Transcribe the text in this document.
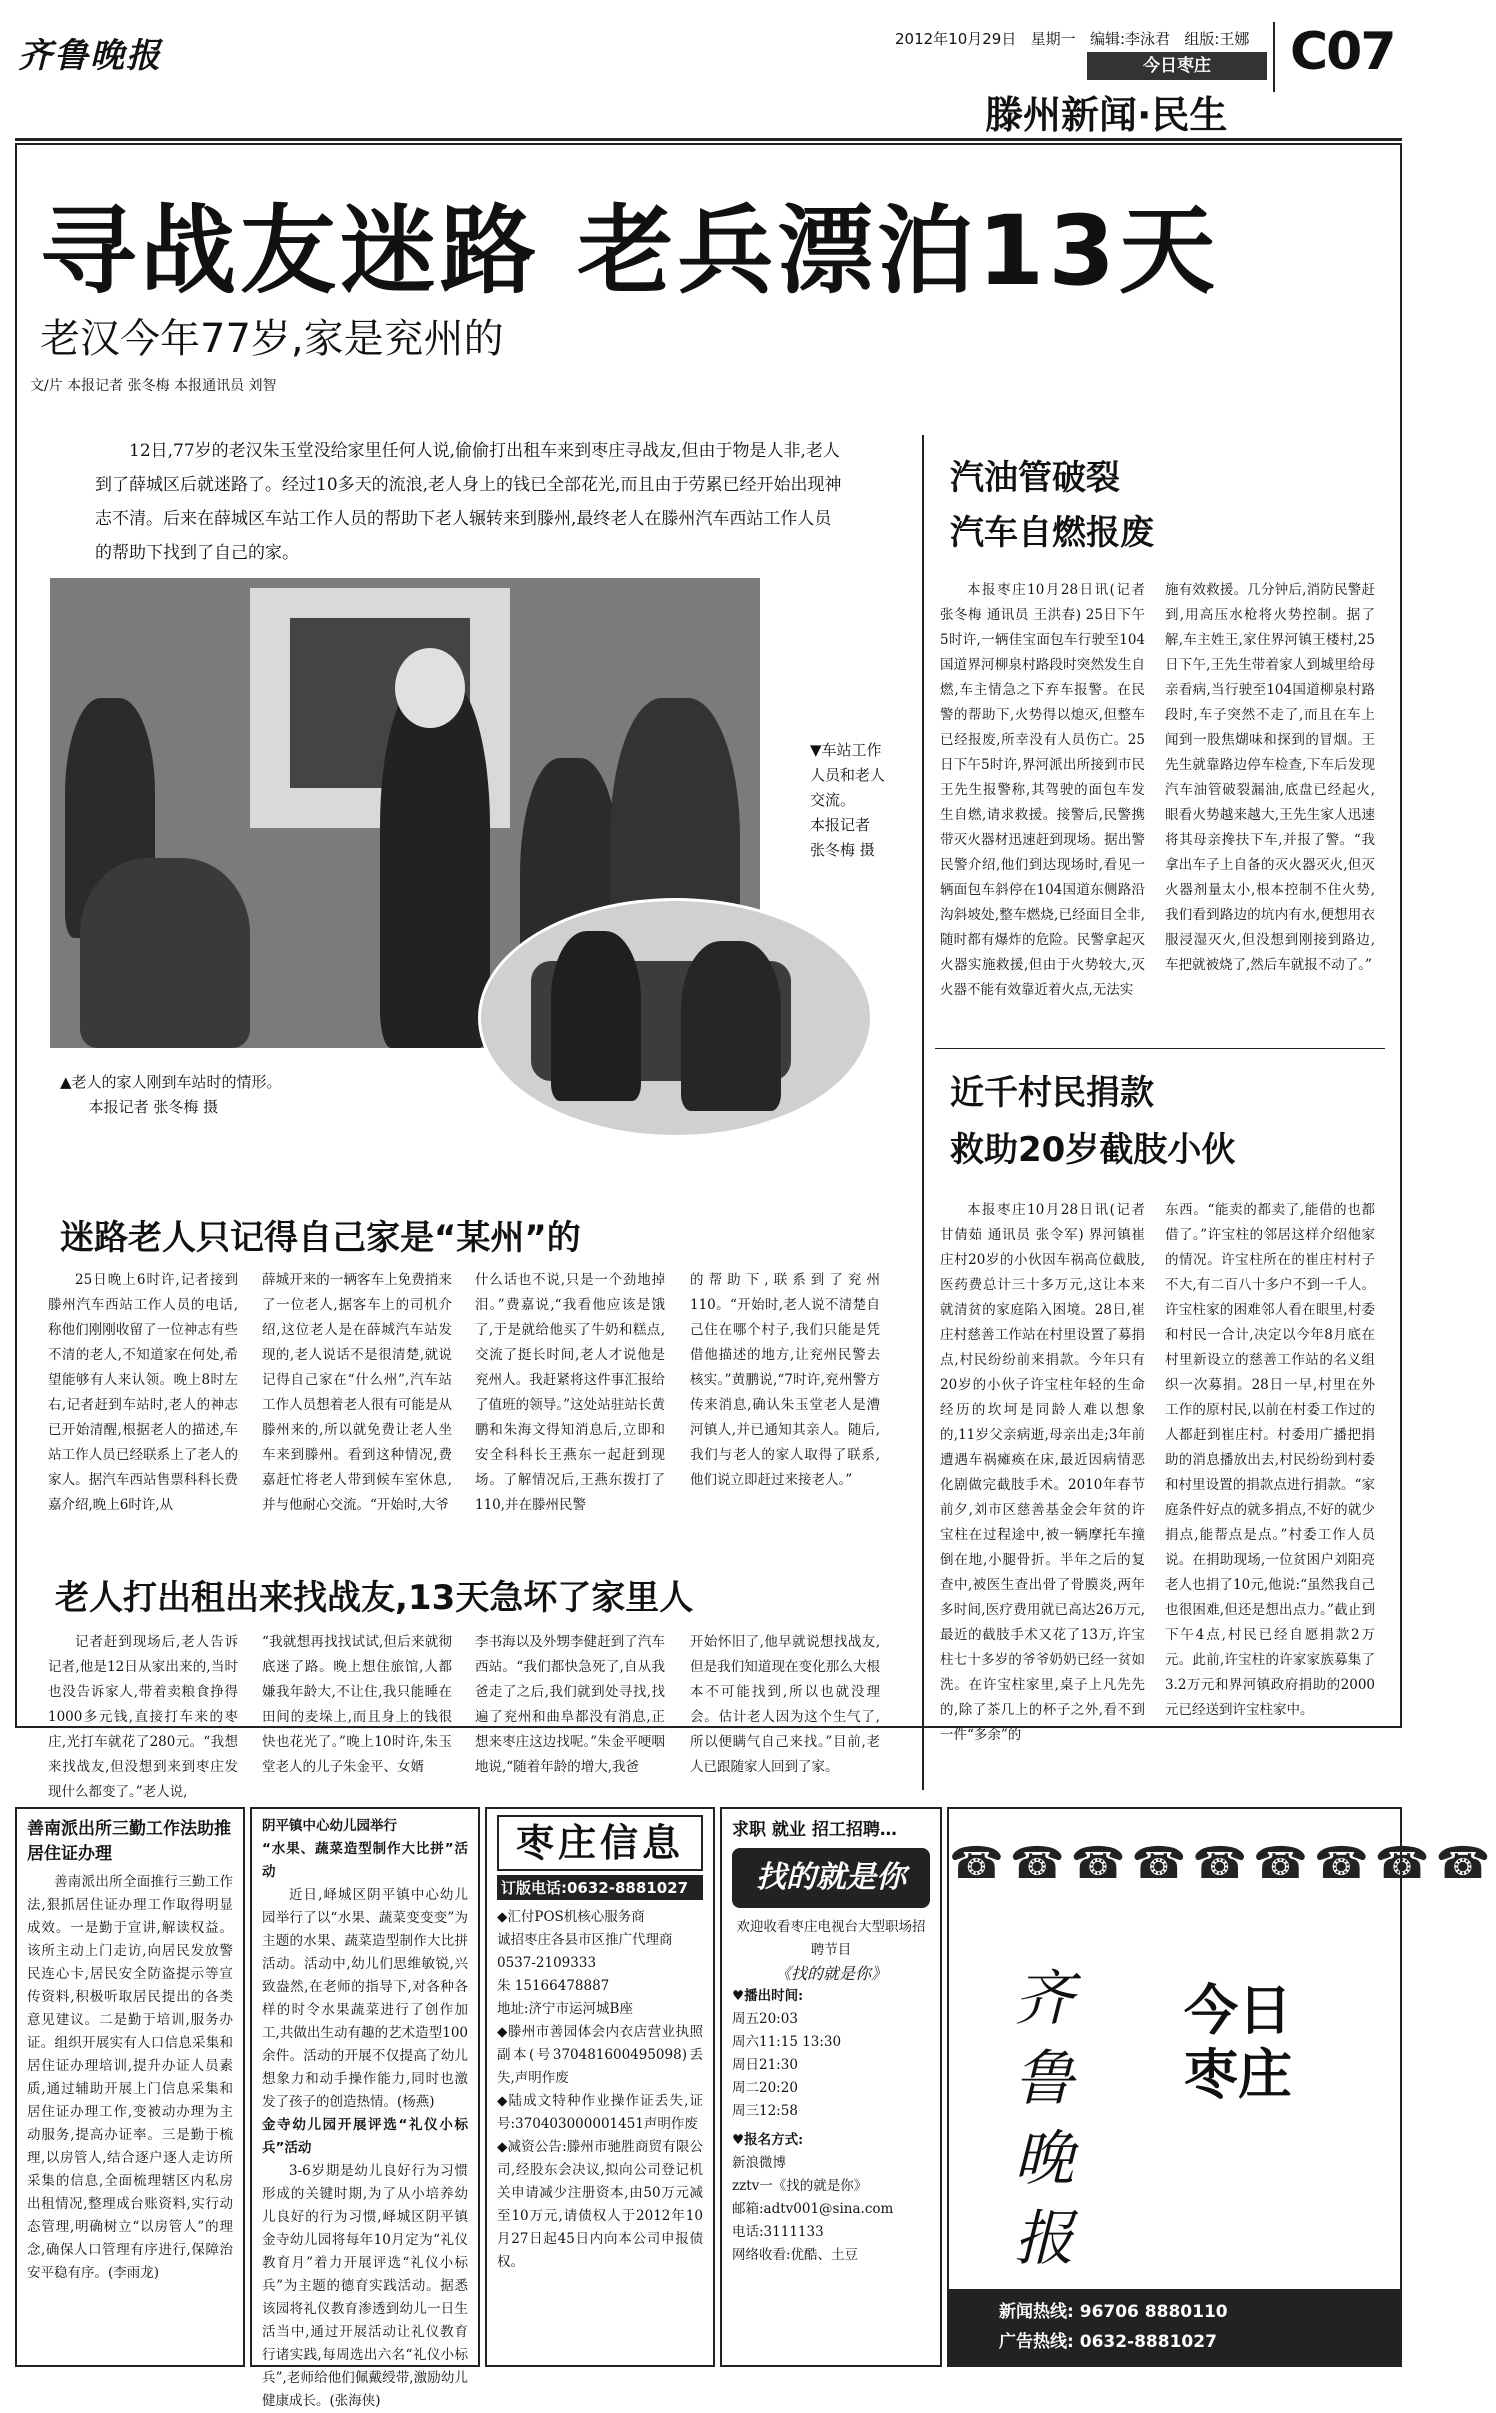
齐鲁晚报	2012年10月29日 星期一 编辑:李泳君 组版:王娜
今日枣庄
滕州新闻·民生
C07
寻战友迷路 老兵漂泊13天
老汉今年77岁,家是兖州的
文/片 本报记者 张冬梅 本报通讯员 刘智
12日,77岁的老汉朱玉堂没给家里任何人说,偷偷打出租车来到枣庄寻战友,但由于物是人非,老人到了薛城区后就迷路了。经过10多天的流浪,老人身上的钱已全部花光,而且由于劳累已经开始出现神志不清。后来在薛城区车站工作人员的帮助下老人辗转来到滕州,最终老人在滕州汽车西站工作人员的帮助下找到了自己的家。
▼车站工作人员和老人交流。
本报记者 张冬梅 摄
▲老人的家人刚到车站时的情形。
本报记者 张冬梅 摄
迷路老人只记得自己家是“某州”的

25日晚上6时许,记者接到滕州汽车西站工作人员的电话,称他们刚刚收留了一位神志有些不清的老人,不知道家在何处,希望能够有人来认领。晚上8时左右,记者赶到车站时,老人的神志已开始清醒,根据老人的描述,车站工作人员已经联系上了老人的家人。据汽车西站售票科科长费嘉介绍,晚上6时许,从

薛城开来的一辆客车上免费捎来了一位老人,据客车上的司机介绍,这位老人是在薛城汽车站发现的,老人说话不是很清楚,就说记得自己家在“什么州”,汽车站工作人员想着老人很有可能是从滕州来的,所以就免费让老人坐车来到滕州。看到这种情况,费嘉赶忙将老人带到候车室休息,并与他耐心交流。“开始时,大爷

什么话也不说,只是一个劲地掉泪。”费嘉说,“我看他应该是饿了,于是就给他买了牛奶和糕点,交流了挺长时间,老人才说他是兖州人。我赶紧将这件事汇报给了值班的领导。”这处站驻站长黄鹏和朱海文得知消息后,立即和安全科科长王燕东一起赶到现场。了解情况后,王燕东拨打了110,并在滕州民警

的帮助下,联系到了兖州110。“开始时,老人说不清楚自己住在哪个村子,我们只能是凭借他描述的地方,让兖州民警去核实。”黄鹏说,“7时许,兖州警方传来消息,确认朱玉堂老人是漕河镇人,并已通知其亲人。随后,我们与老人的家人取得了联系,他们说立即赶过来接老人。”

老人打出租出来找战友,13天急坏了家里人

记者赶到现场后,老人告诉记者,他是12日从家出来的,当时也没告诉家人,带着卖粮食挣得1000多元钱,直接打车来的枣庄,光打车就花了280元。“我想来找战友,但没想到来到枣庄发现什么都变了。”老人说,

“我就想再找找试试,但后来就彻底迷了路。晚上想住旅馆,人都嫌我年龄大,不让住,我只能睡在田间的麦垛上,而且身上的钱很快也花光了。”晚上10时许,朱玉堂老人的儿子朱金平、女婿

李书海以及外甥李健赶到了汽车西站。“我们都快急死了,自从我爸走了之后,我们就到处寻找,找遍了兖州和曲阜都没有消息,正想来枣庄这边找呢。”朱金平哽咽地说,“随着年龄的增大,我爸

开始怀旧了,他早就说想找战友,但是我们知道现在变化那么大根本不可能找到,所以也就没理会。估计老人因为这个生气了,所以便瞒气自己来找。”目前,老人已跟随家人回到了家。

汽油管破裂
汽车自燃报废

本报枣庄10月28日讯(记者 张冬梅 通讯员 王洪春) 25日下午5时许,一辆佳宝面包车行驶至104国道界河柳泉村路段时突然发生自燃,车主情急之下弃车报警。在民警的帮助下,火势得以熄灭,但整车已经报废,所幸没有人员伤亡。25日下午5时许,界河派出所接到市民王先生报警称,其驾驶的面包车发生自燃,请求救援。接警后,民警携带灭火器材迅速赶到现场。据出警民警介绍,他们到达现场时,看见一辆面包车斜停在104国道东侧路沿沟斜坡处,整车燃烧,已经面目全非,随时都有爆炸的危险。民警拿起灭火器实施救援,但由于火势较大,灭火器不能有效靠近着火点,无法实

施有效救援。几分钟后,消防民警赶到,用高压水枪将火势控制。据了解,车主姓王,家住界河镇王楼村,25日下午,王先生带着家人到城里给母亲看病,当行驶至104国道柳泉村路段时,车子突然不走了,而且在车上闻到一股焦煳味和探到的冒烟。王先生就靠路边停车检查,下车后发现汽车油管破裂漏油,底盘已经起火,眼看火势越来越大,王先生家人迅速将其母亲搀扶下车,并报了警。“我拿出车子上自备的灭火器灭火,但灭火器剂量太小,根本控制不住火势,我们看到路边的坑内有水,便想用衣服浸湿灭火,但没想到刚接到路边,车把就被烧了,然后车就报不动了。”

近千村民捐款
救助20岁截肢小伙

本报枣庄10月28日讯(记者 甘倩茹 通讯员 张令军) 界河镇崔庄村20岁的小伙因车祸高位截肢,医药费总计三十多万元,这让本来就清贫的家庭陷入困境。28日,崔庄村慈善工作站在村里设置了募捐点,村民纷纷前来捐款。今年只有20岁的小伙子许宝柱年轻的生命经历的坎坷是同龄人难以想象的,11岁父亲病逝,母亲出走;3年前遭遇车祸瘫痪在床,最近因病情恶化剧做完截肢手术。2010年春节前夕,刘市区慈善基金会年贫的许宝柱在过程途中,被一辆摩托车撞倒在地,小腿骨折。半年之后的复查中,被医生查出骨了骨膜炎,两年多时间,医疗费用就已高达26万元,最近的截肢手术又花了13万,许宝柱七十多岁的爷爷奶奶已经一贫如洗。在许宝柱家里,桌子上凡先先的,除了茶几上的杯子之外,看不到一件“多余”的

东西。“能卖的都卖了,能借的也都借了。”许宝柱的邻居这样介绍他家的情况。许宝柱所在的崔庄村村子不大,有二百八十多户不到一千人。许宝柱家的困难邻人看在眼里,村委和村民一合计,决定以今年8月底在村里新设立的慈善工作站的名义组织一次募捐。28日一早,村里在外工作的原村民,以前在村委工作过的人都赶到崔庄村。村委用广播把捐助的消息播放出去,村民纷纷到村委和村里设置的捐款点进行捐款。“家庭条件好点的就多捐点,不好的就少捐点,能帮点是点。”村委工作人员说。在捐助现场,一位贫困户刘阳亮老人也捐了10元,他说:“虽然我自己也很困难,但还是想出点力。”截止到下午4点,村民已经自愿捐款2万元。此前,许宝柱的许家家族募集了3.2万元和界河镇政府捐助的2000元已经送到许宝柱家中。

善南派出所三勤工作法助推居住证办理
善南派出所全面推行三勤工作法,狠抓居住证办理工作取得明显成效。一是勤于宣讲,解读权益。该所主动上门走访,向居民发放警民连心卡,居民安全防盗提示等宣传资料,积极听取居民提出的各类意见建议。二是勤于培训,服务办证。组织开展实有人口信息采集和居住证办理培训,提升办证人员素质,通过辅助开展上门信息采集和居住证办理工作,变被动办理为主动服务,提高办证率。三是勤于梳理,以房管人,结合逐户逐人走访所采集的信息,全面梳理辖区内私房出租情况,整理成台账资料,实行动态管理,明确树立“以房管人”的理念,确保人口管理有序进行,保障治安平稳有序。(李雨龙)
阴平镇中心幼儿园举行
“水果、蔬菜造型制作大比拼”活动
近日,峄城区阴平镇中心幼儿园举行了以“水果、蔬菜变变变”为主题的水果、蔬菜造型制作大比拼活动。活动中,幼儿们思维敏锐,兴致盎然,在老师的指导下,对各种各样的时令水果蔬菜进行了创作加工,共做出生动有趣的艺术造型100余件。活动的开展不仅提高了幼儿想象力和动手操作能力,同时也激发了孩子的创造热情。(杨燕)
金寺幼儿园开展评选“礼仪小标兵”活动
3-6岁期是幼儿良好行为习惯形成的关键时期,为了从小培养幼儿良好的行为习惯,峄城区阴平镇金寺幼儿园将每年10月定为“礼仪教育月”着力开展评选“礼仪小标兵”为主题的德育实践活动。据悉该园将礼仪教育渗透到幼儿一日生活当中,通过开展活动让礼仪教育行诸实践,每周选出六名“礼仪小标兵”,老师给他们佩戴绶带,激励幼儿健康成长。(张海侠)
枣庄信息
订版电话:0632-8881027
◆汇付POS机核心服务商
诚招枣庄各县市区推广代理商
0537-2109333
朱 15166478887
地址:济宁市运河城B座
◆滕州市善园体会内衣店营业执照副本(号370481600495098)丢失,声明作废
◆陆成文特种作业操作证丢失,证号:370403000001451声明作废
◆减资公告:滕州市驰胜商贸有限公司,经股东会决议,拟向公司登记机关申请减少注册资本,由50万元减至10万元,请债权人于2012年10月27日起45日内向本公司申报债权。
求职 就业 招工招聘…
找的就是你
欢迎收看枣庄电视台大型职场招聘节目
《找的就是你》
♥播出时间:
周五20:03
周六11:15 13:30
周日21:30
周二20:20
周三12:58
♥报名方式:
新浪微博
zztv一《找的就是你》
邮箱:adtv001@sina.com
电话:3111133
网络收看:优酷、土豆
☎☎☎☎☎☎☎☎☎
齐鲁晚报
今日枣庄
新闻热线: 96706 8880110
广告热线: 0632-8881027
